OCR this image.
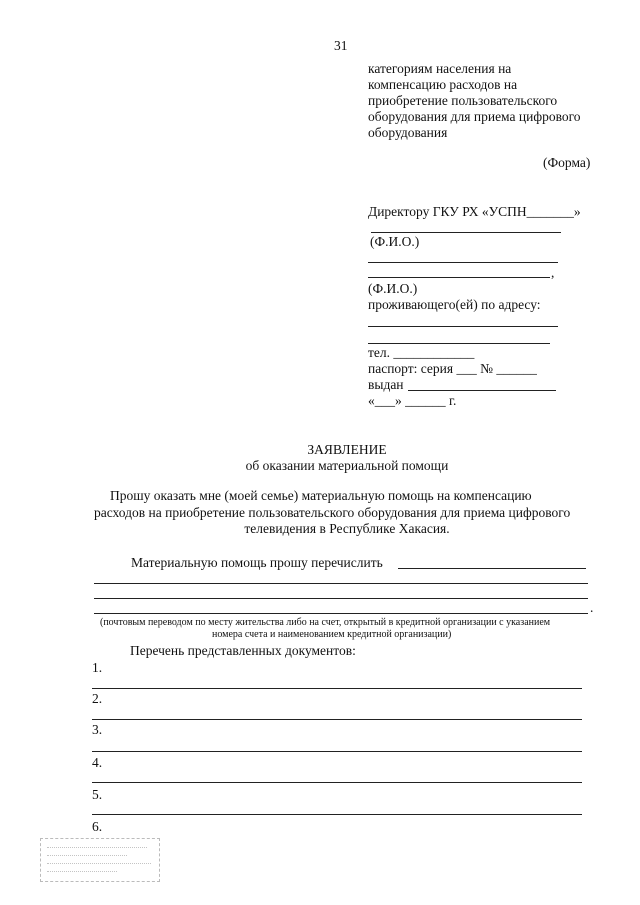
31
категориям населения на
компенсацию расходов на
приобретение пользовательского
оборудования для приема цифрового
оборудования
(Форма)
Директору ГКУ РХ «УСПН_______»
(Ф.И.О.)
,
(Ф.И.О.)
проживающего(ей) по адресу:
тел. ____________
паспорт: серия ___ № ______
выдан
«___» ______ г.
ЗАЯВЛЕНИЕ
об оказании материальной помощи
Прошу оказать мне (моей семье) материальную помощь на компенсацию
расходов на приобретение пользовательского оборудования для приема цифрового
телевидения в Республике Хакасия.
Материальную помощь прошу перечислить
.
(почтовым переводом по месту жительства либо на счет, открытый в кредитной организации с указанием
номера счета и наименованием кредитной организации)
Перечень представленных документов:
1.
2.
3.
4.
5.
6.
